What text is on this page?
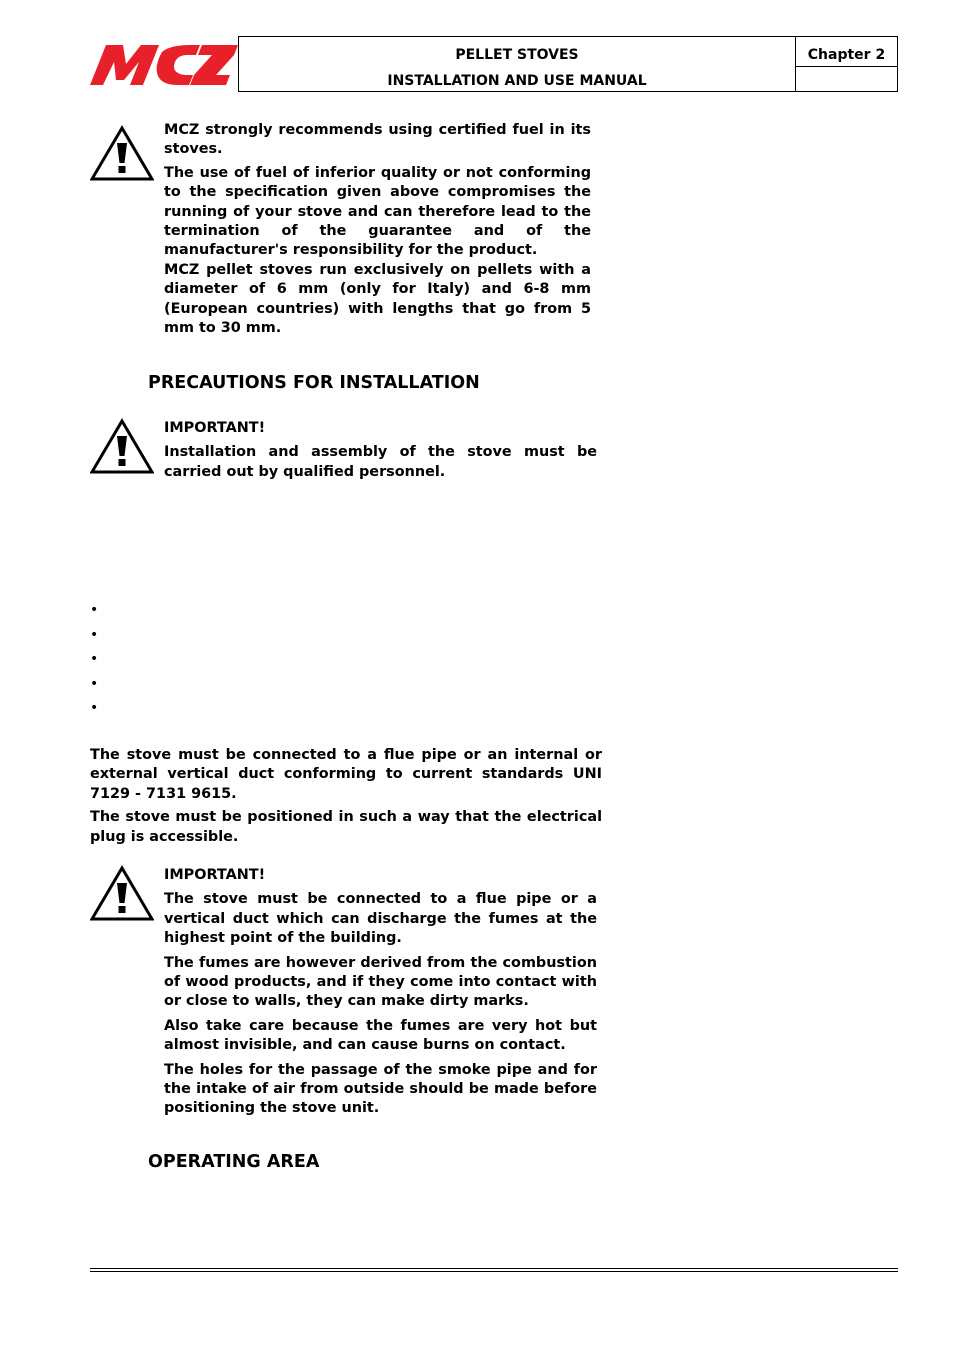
PELLET STOVES
INSTALLATION AND USE MANUAL
Chapter 2

MCZ strongly recommends using certified fuel in its stoves.

The use of fuel of inferior quality or not conforming to the specification given above compromises the running of your stove and can therefore lead to the termination of the guarantee and of the manufacturer's responsibility for the product.

MCZ pellet stoves run exclusively on pellets with a diameter of 6 mm (only for Italy) and 6-8 mm (European countries) with lengths that go from 5 mm to 30 mm.

PRECAUTIONS FOR INSTALLATION

IMPORTANT!

Installation and assembly of the stove must be carried out by qualified personnel.

•
•
•
•
•

The stove must be connected to a flue pipe or an internal or external vertical duct conforming to current standards UNI 7129 - 7131 9615.

The stove must be positioned in such a way that the electrical plug is accessible.

IMPORTANT!

The stove must be connected to a flue pipe or a vertical duct which can discharge the fumes at the highest point of the building.

The fumes are however derived from the combustion of wood products, and if they come into contact with or close to walls, they can make dirty marks.

Also take care because the fumes are very hot but almost invisible, and can cause burns on contact.

The holes for the passage of the smoke pipe and for the intake of air from outside should be made before positioning the stove unit.

OPERATING AREA
